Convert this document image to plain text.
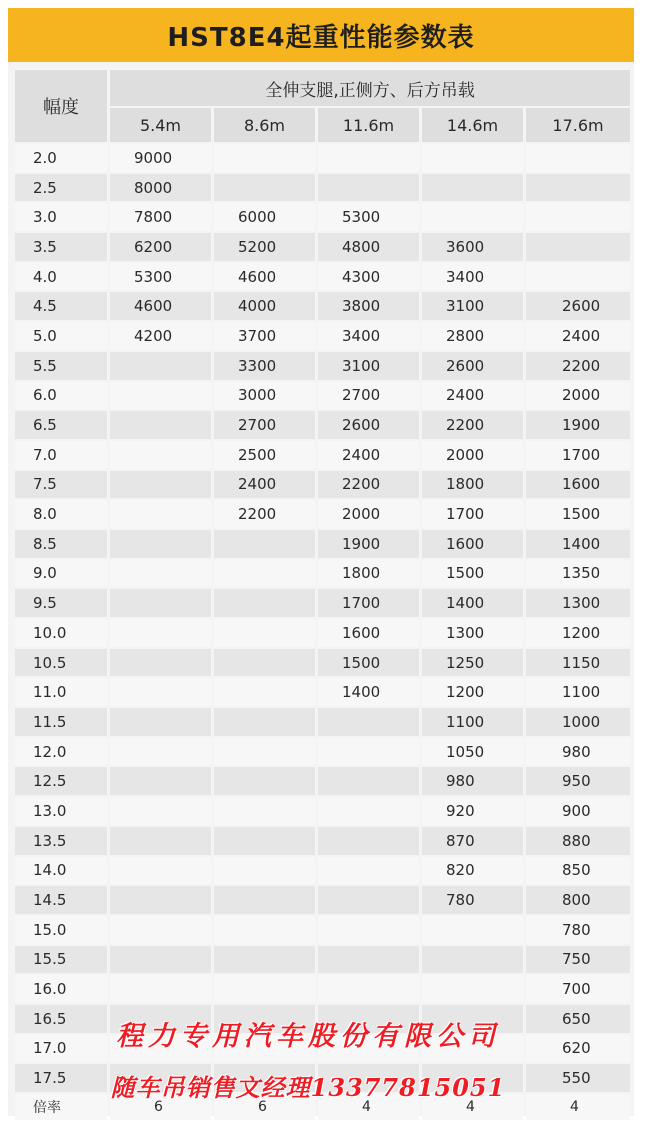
HST8E4起重性能参数表
幅度	全伸支腿,正侧方、后方吊载				
	5.4m	8.6m	11.6m	14.6m	17.6m
2.0	9000				
2.5	8000				
3.0	7800	6000	5300		
3.5	6200	5200	4800	3600	
4.0	5300	4600	4300	3400	
4.5	4600	4000	3800	3100	2600
5.0	4200	3700	3400	2800	2400
5.5		3300	3100	2600	2200
6.0		3000	2700	2400	2000
6.5		2700	2600	2200	1900
7.0		2500	2400	2000	1700
7.5		2400	2200	1800	1600
8.0		2200	2000	1700	1500
8.5			1900	1600	1400
9.0			1800	1500	1350
9.5			1700	1400	1300
10.0			1600	1300	1200
10.5			1500	1250	1150
11.0			1400	1200	1100
11.5				1100	1000
12.0				1050	980
12.5				980	950
13.0				920	900
13.5				870	880
14.0				820	850
14.5				780	800
15.0					780
15.5					750
16.0					700
16.5					650
17.0					620
17.5					550
倍率	6	6	4	4	4
程力专用汽车股份有限公司
随车吊销售文经理13377815051
